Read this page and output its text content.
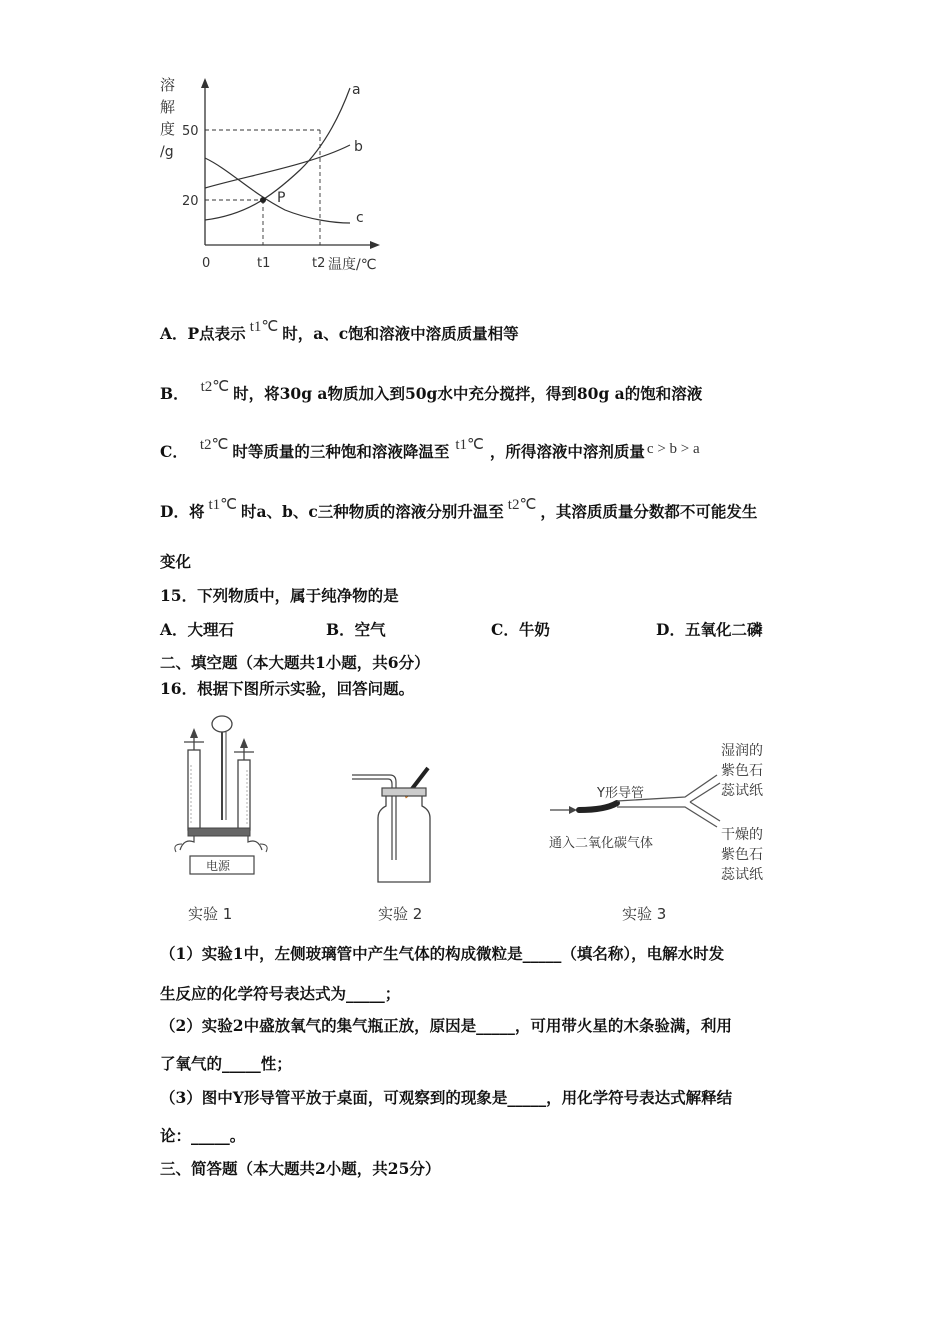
溶
解
度
/g
a
b
c
P
50
20
0	t1	t2 温度/℃
A．P点表示 t1℃ 时，a、c饱和溶液中溶质质量相等
B． t2℃ 时，将30g a物质加入到50g水中充分搅拌，得到80g a的饱和溶液
C． t2℃ 时等质量的三种饱和溶液降温至 t1℃ ，所得溶液中溶剂质量 c > b > a
D．将 t1℃ 时a、b、c三种物质的溶液分别升温至 t2℃ ，其溶质质量分数都不可能发生
变化
15．下列物质中，属于纯净物的是
A．大理石	B．空气	C．牛奶	D．五氧化二磷
二、填空题（本大题共1小题，共6分）
16．根据下图所示实验，回答问题。
电源
Y形导管
通入二氧化碳气体
湿润的
紫色石
蕊试纸
干燥的
紫色石
蕊试纸
实验 1	实验 2	实验 3
（1）实验1中，左侧玻璃管中产生气体的构成微粒是_____（填名称），电解水时发
生反应的化学符号表达式为_____；
（2）实验2中盛放氧气的集气瓶正放，原因是_____，可用带火星的木条验满，利用
了氧气的_____性；
（3）图中Y形导管平放于桌面，可观察到的现象是_____，用化学符号表达式解释结
论：_____。
三、简答题（本大题共2小题，共25分）
